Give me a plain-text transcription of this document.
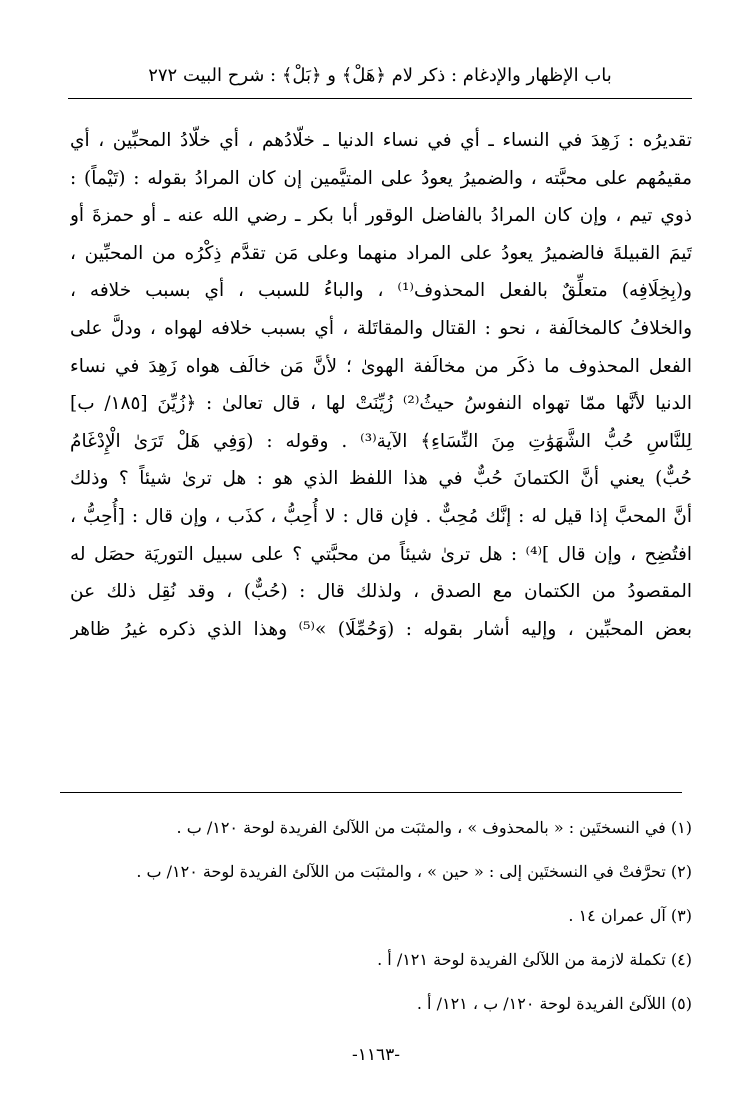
باب الإظهار والإدغام : ذكر لام ﴿هَلْ﴾ و ﴿بَلْ﴾ : شرح البيت ٢٧٢
تقديرُه : زَهِدَ في النساء ـ أي في نساء الدنيا ـ خلّادُهم ، أي خلّادُ المحبِّين ، أي
مقيمُهم على محبَّته ، والضميرُ يعودُ على المتيَّمين إن كان المرادُ بقوله : (تَيْماً) :
ذوي تيم ، وإن كان المرادُ بالفاضل الوقور أبا بكر ـ رضي الله عنه ـ أو حمزةَ أو
تَيمَ القبيلةَ فالضميرُ يعودُ على المراد منهما وعلى مَن تقدَّم ذِكْرُه من المحبِّين ،
و(بِخِلَافِه) متعلِّقٌ بالفعل المحذوف⁽¹⁾ ، والباءُ للسبب ، أي بسبب خلافه ،
والخلافُ كالمخالَفة ، نحو : القتال والمقاتَلة ، أي بسبب خلافه لهواه ، ودلَّ على
الفعل المحذوف ما ذكَر من مخالَفة الهوىٰ ؛ لأنَّ مَن خالَف هواه زَهِدَ في نساء
الدنيا لأنَّها ممّا تهواه النفوسُ حيثُ⁽²⁾ زُيِّنَتْ لها ، قال تعالىٰ : ﴿زُيِّنَ [١٨٥/ ب]
لِلنَّاسِ حُبُّ الشَّهَوَٰتِ مِنَ النِّسَاءِ﴾ الآية⁽³⁾ . وقوله : (وَفِي هَلْ تَرَىٰ الْإِدْغَامُ
حُبٌّ) يعني أنَّ الكتمانَ حُبٌّ في هذا اللفظ الذي هو : هل ترىٰ شيئاً ؟ وذلك
أنَّ المحبَّ إذا قيل له : إنَّك مُحِبٌّ . فإن قال : لا أُحِبُّ ، كذَب ، وإن قال : [أُحِبُّ ،
افتُضِح ، وإن قال ]⁽⁴⁾ : هل ترىٰ شيئاً من محبَّتي ؟ على سبيل التوريَة حصَل له
المقصودُ من الكتمان مع الصدق ، ولذلك قال : (حُبٌّ) ، وقد نُقِل ذلك عن
بعض المحبِّين ، وإليه أشار بقوله : (وَحُمِّلَا) »⁽⁵⁾ وهذا الذي ذكره غيرُ ظاهر
(١) في النسختَين : « بالمحذوف » ، والمثبَت من اللآلئ الفريدة لوحة ١٢٠/ ب .
(٢) تحرَّفتْ في النسختَين إلى : « حين » ، والمثبَت من اللآلئ الفريدة لوحة ١٢٠/ ب .
(٣) آل عمران ١٤ .
(٤) تكملة لازمة من اللآلئ الفريدة لوحة ١٢١/ أ .
(٥) اللآلئ الفريدة لوحة ١٢٠/ ب ، ١٢١/ أ .
-١١٦٣-
